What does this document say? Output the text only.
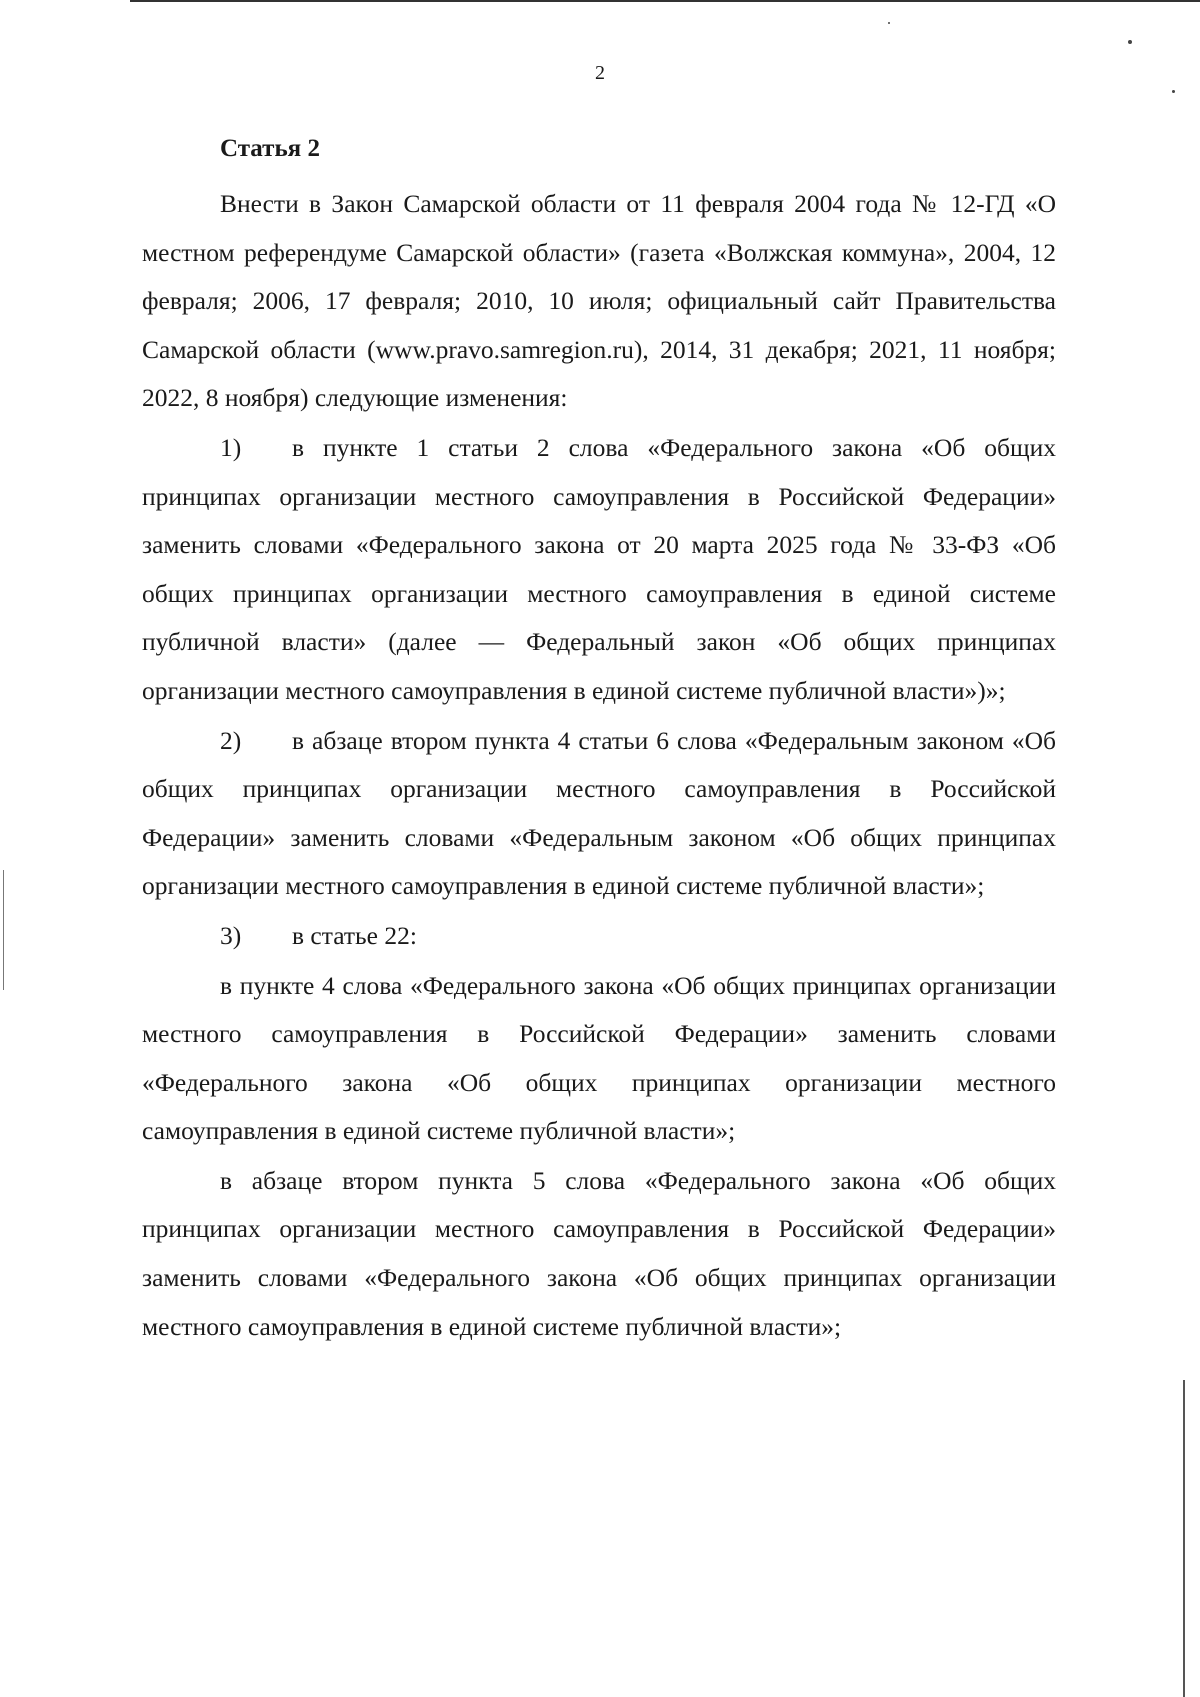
2
Статья 2

Внести в Закон Самарской области от 11 февраля 2004 года № 12-ГД «О местном референдуме Самарской области» (газета «Волжская коммуна», 2004, 12 февраля; 2006, 17 февраля; 2010, 10 июля; официальный сайт Правительства Самарской области (www.pravo.samregion.ru), 2014, 31 декабря; 2021, 11 ноября; 2022, 8 ноября) следующие изменения:

1) в пункте 1 статьи 2 слова «Федерального закона «Об общих принципах организации местного самоуправления в Российской Федерации» заменить словами «Федерального закона от 20 марта 2025 года № 33-ФЗ «Об общих принципах организации местного самоуправления в единой системе публичной власти» (далее — Федеральный закон «Об общих принципах организации местного самоуправления в единой системе публичной власти»)»;

2) в абзаце втором пункта 4 статьи 6 слова «Федеральным законом «Об общих принципах организации местного самоуправления в Российской Федерации» заменить словами «Федеральным законом «Об общих принципах организации местного самоуправления в единой системе публичной власти»;

3) в статье 22:

в пункте 4 слова «Федерального закона «Об общих принципах организации местного самоуправления в Российской Федерации» заменить словами «Федерального закона «Об общих принципах организации местного самоуправления в единой системе публичной власти»;

в абзаце втором пункта 5 слова «Федерального закона «Об общих принципах организации местного самоуправления в Российской Федерации» заменить словами «Федерального закона «Об общих принципах организации местного самоуправления в единой системе публичной власти»;
